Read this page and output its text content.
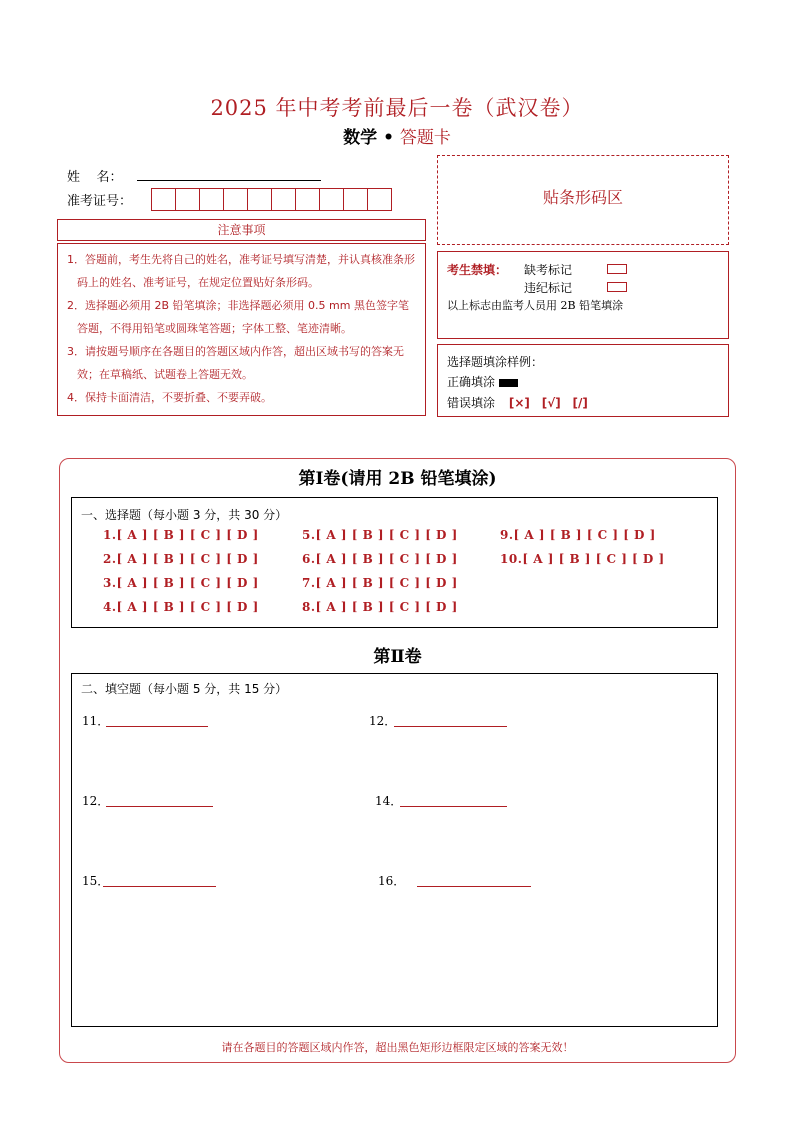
2025 年中考考前最后一卷（武汉卷）
数学 • 答题卡
姓    名：
准考证号：
注意事项

1．答题前，考生先将自己的姓名，准考证号填写清楚，并认真核准条形码上的姓名、准考证号，在规定位置贴好条形码。

2．选择题必须用 2B 铅笔填涂；非选择题必须用 0.5 mm 黑色签字笔答题，不得用铅笔或圆珠笔答题；字体工整、笔迹清晰。

3．请按题号顺序在各题目的答题区域内作答，超出区域书写的答案无效；在草稿纸、试题卷上答题无效。

4．保持卡面清洁，不要折叠、不要弄破。

贴条形码区
考生禁填： 缺考标记
违纪标记
以上标志由监考人员用 2B 铅笔填涂
选择题填涂样例：
正确填涂
错误填涂 [×] [√] [/]
第Ⅰ卷(请用 2B 铅笔填涂)
一、选择题（每小题 3 分，共 30 分）
1.[ A ] [ B ] [ C ] [ D ]
2.[ A ] [ B ] [ C ] [ D ]
3.[ A ] [ B ] [ C ] [ D ]
4.[ A ] [ B ] [ C ] [ D ]
5.[ A ] [ B ] [ C ] [ D ]
6.[ A ] [ B ] [ C ] [ D ]
7.[ A ] [ B ] [ C ] [ D ]
8.[ A ] [ B ] [ C ] [ D ]
9.[ A ] [ B ] [ C ] [ D ]
10.[ A ] [ B ] [ C ] [ D ]
第Ⅱ卷
二、填空题（每小题 5 分，共 15 分）
11．	12．
12．	14．
15．	16．
请在各题目的答题区域内作答，超出黑色矩形边框限定区域的答案无效！
